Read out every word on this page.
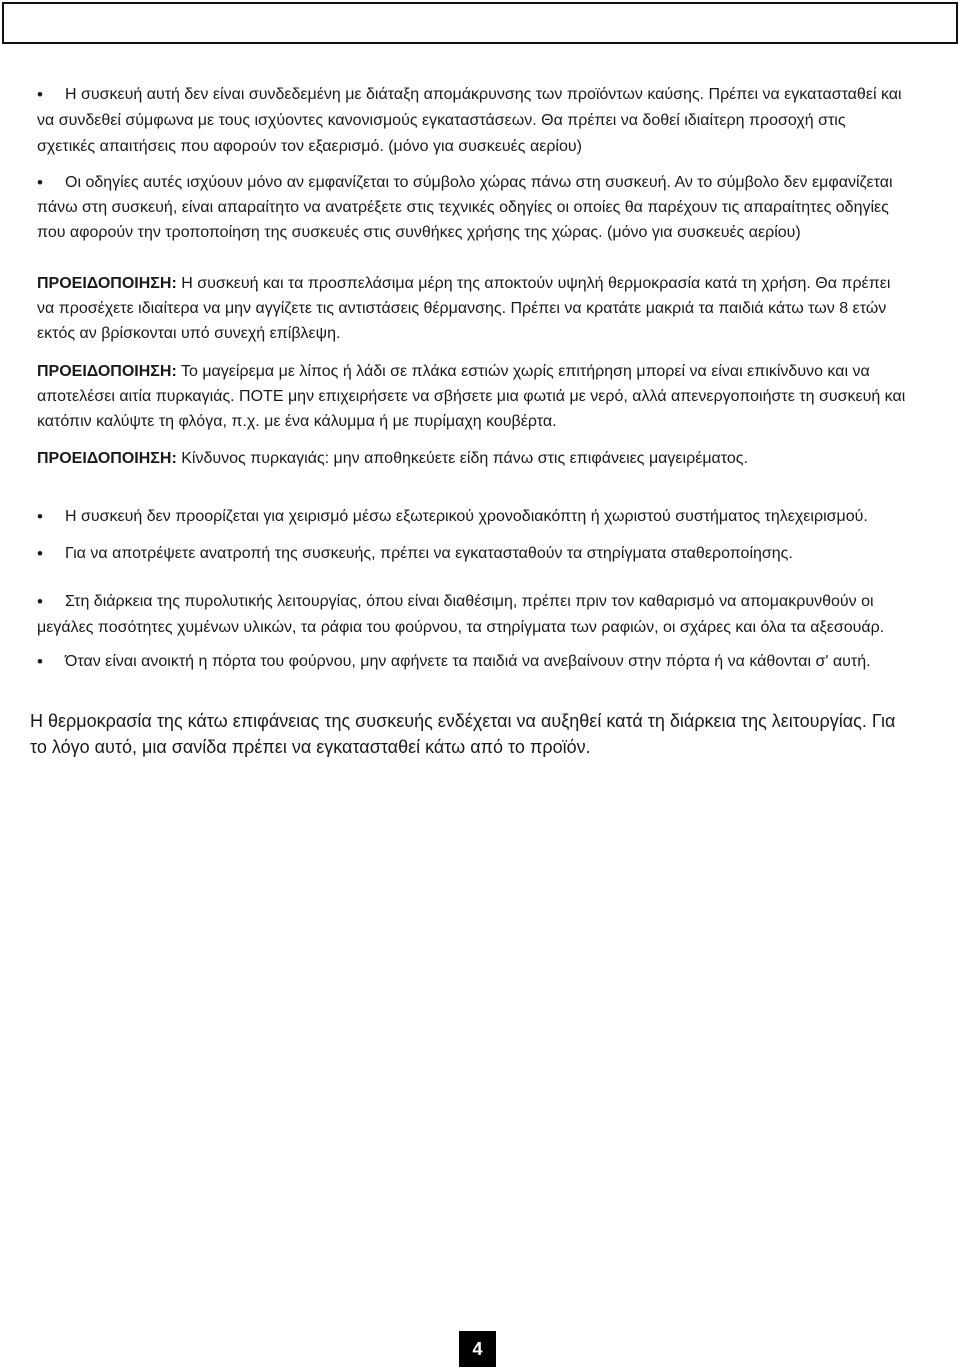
•	Η συσκευή αυτή δεν είναι συνδεδεμένη με διάταξη απομάκρυνσης των προϊόντων καύσης. Πρέπει να εγκατασταθεί και να συνδεθεί σύμφωνα με τους ισχύοντες κανονισμούς εγκαταστάσεων. Θα πρέπει να δοθεί ιδιαίτερη προσοχή στις σχετικές απαιτήσεις που αφορούν τον εξαερισμό. (μόνο για συσκευές αερίου)

•	Οι οδηγίες αυτές ισχύουν μόνο αν εμφανίζεται το σύμβολο χώρας πάνω στη συσκευή. Αν το σύμβολο δεν εμφανίζεται πάνω στη συσκευή, είναι απαραίτητο να ανατρέξετε στις τεχνικές οδηγίες οι οποίες θα παρέχουν τις απαραίτητες οδηγίες που αφορούν την τροποποίηση της συσκευές στις συνθήκες χρήσης της χώρας. (μόνο για συσκευές αερίου)

ΠΡΟΕΙΔΟΠΟΙΗΣΗ: Η συσκευή και τα προσπελάσιμα μέρη της αποκτούν υψηλή θερμοκρασία κατά τη χρήση. Θα πρέπει να προσέχετε ιδιαίτερα να μην αγγίζετε τις αντιστάσεις θέρμανσης. Πρέπει να κρατάτε μακριά τα παιδιά κάτω των 8 ετών εκτός αν βρίσκονται υπό συνεχή επίβλεψη.

ΠΡΟΕΙΔΟΠΟΙΗΣΗ: Το μαγείρεμα με λίπος ή λάδι σε πλάκα εστιών χωρίς επιτήρηση μπορεί να είναι επικίνδυνο και να αποτελέσει αιτία πυρκαγιάς. ΠΟΤΕ μην επιχειρήσετε να σβήσετε μια φωτιά με νερό, αλλά απενεργοποιήστε τη συσκευή και κατόπιν καλύψτε τη φλόγα, π.χ. με ένα κάλυμμα ή με πυρίμαχη κουβέρτα.

ΠΡΟΕΙΔΟΠΟΙΗΣΗ: Κίνδυνος πυρκαγιάς: μην αποθηκεύετε είδη πάνω στις επιφάνειες μαγειρέματος.

•	Η συσκευή δεν προορίζεται για χειρισμό μέσω εξωτερικού χρονοδιακόπτη ή χωριστού συστήματος τηλεχειρισμού.

•	Για να αποτρέψετε ανατροπή της συσκευής, πρέπει να εγκατασταθούν τα στηρίγματα σταθεροποίησης.

•	Στη διάρκεια της πυρολυτικής λειτουργίας, όπου είναι διαθέσιμη, πρέπει πριν τον καθαρισμό να απομακρυνθούν οι μεγάλες ποσότητες χυμένων υλικών, τα ράφια του φούρνου, τα στηρίγματα των ραφιών, οι σχάρες και όλα τα αξεσουάρ.

•	Όταν είναι ανοικτή η πόρτα του φούρνου, μην αφήνετε τα παιδιά να ανεβαίνουν στην πόρτα ή να κάθονται σ' αυτή.

Η θερμοκρασία της κάτω επιφάνειας της συσκευής ενδέχεται να αυξηθεί κατά τη διάρκεια της λειτουργίας. Για το λόγο αυτό, μια σανίδα πρέπει να εγκατασταθεί κάτω από το προϊόν.

4
